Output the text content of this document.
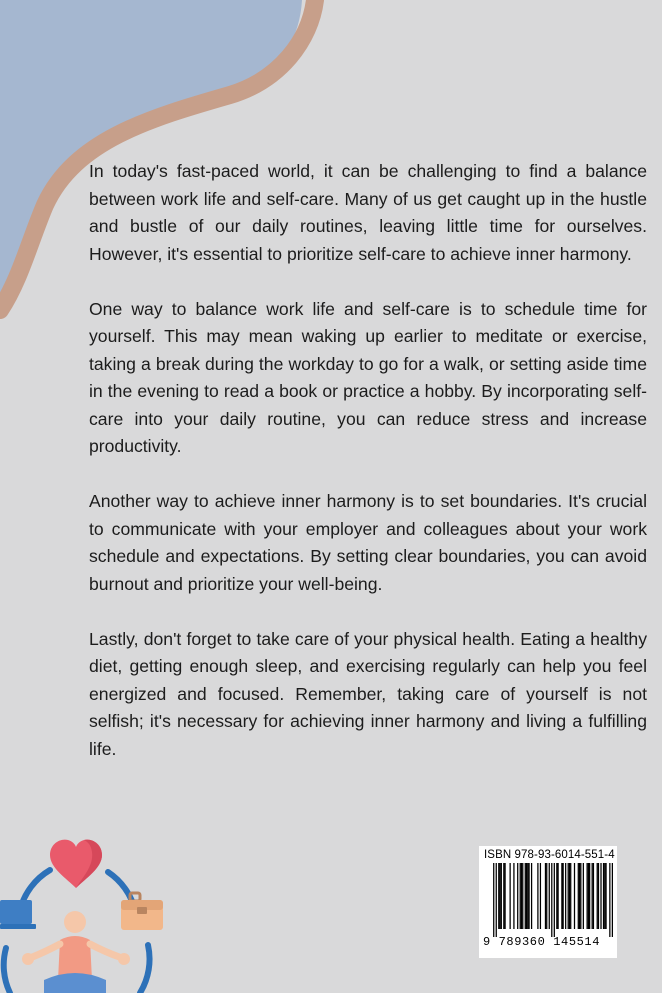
In today's fast-paced world, it can be challenging to find a balance between work life and self-care. Many of us get caught up in the hustle and bustle of our daily routines, leaving little time for ourselves. However, it's essential to prioritize self-care to achieve inner harmony.

One way to balance work life and self-care is to schedule time for yourself. This may mean waking up earlier to meditate or exercise, taking a break during the workday to go for a walk, or setting aside time in the evening to read a book or practice a hobby. By incorporating self-care into your daily routine, you can reduce stress and increase productivity.

Another way to achieve inner harmony is to set boundaries. It's crucial to communicate with your employer and colleagues about your work schedule and expectations. By setting clear boundaries, you can avoid burnout and prioritize your well-being.

Lastly, don't forget to take care of your physical health. Eating a healthy diet, getting enough sleep, and exercising regularly can help you feel energized and focused. Remember, taking care of yourself is not selfish; it's necessary for achieving inner harmony and living a fulfilling life.

ISBN 978-93-6014-551-4
9 789360 145514
